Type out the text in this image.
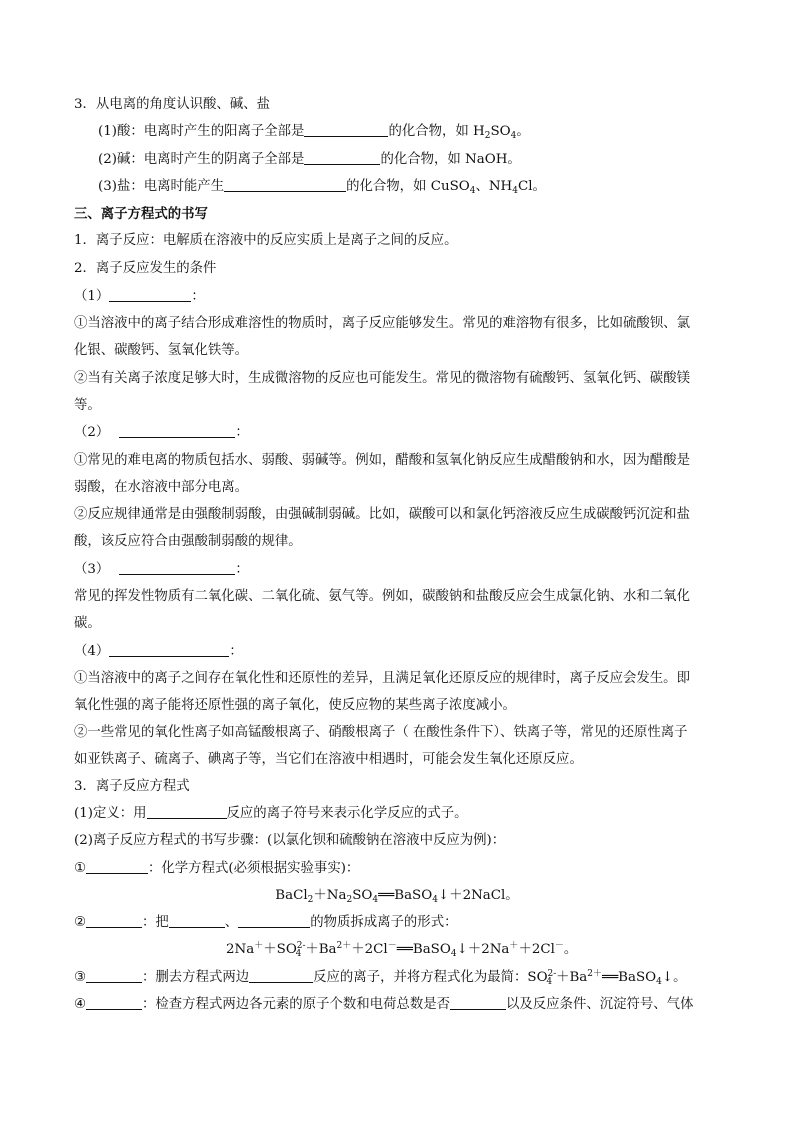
3．从电离的角度认识酸、碱、盐
(1)酸：电离时产生的阳离子全部是	的化合物，如 $H_2SO_4$。
(2)碱：电离时产生的阴离子全部是	的化合物，如 NaOH。
(3)盐：电离时能产生	的化合物，如 CuSO$_4$、$NH_4Cl$。
三、离子方程式的书写
1．离子反应：电解质在溶液中的反应实质上是离子之间的反应。
2．离子反应发生的条件
（1）	：
①当溶液中的离子结合形成难溶性的物质时，离子反应能够发生。常见的难溶物有很多，比如硫酸钡、氯
化银、碳酸钙、氢氧化铁等。
②当有关离子浓度足够大时，生成微溶物的反应也可能发生。常见的微溶物有硫酸钙、氢氧化钙、碳酸镁
等。
（2）	：
①常见的难电离的物质包括水、弱酸、弱碱等。例如，醋酸和氢氧化钠反应生成醋酸钠和水，因为醋酸是
弱酸，在水溶液中部分电离。
②反应规律通常是由强酸制弱酸，由强碱制弱碱。比如，碳酸可以和氯化钙溶液反应生成碳酸钙沉淀和盐
酸，该反应符合由强酸制弱酸的规律。
（3）	：
常见的挥发性物质有二氧化碳、二氧化硫、氨气等。例如，碳酸钠和盐酸反应会生成氯化钠、水和二氧化
碳。
（4）	：
①当溶液中的离子之间存在氧化性和还原性的差异，且满足氧化还原反应的规律时，离子反应会发生。即
氧化性强的离子能将还原性强的离子氧化，使反应物的某些离子浓度减小。
②一些常见的氧化性离子如高锰酸根离子、硝酸根离子（ 在酸性条件下）、铁离子等，常见的还原性离子
如亚铁离子、硫离子、碘离子等，当它们在溶液中相遇时，可能会发生氧化还原反应。
3．离子反应方程式
(1)定义：用	反应的离子符号来表示化学反应的式子。
(2)离子反应方程式的书写步骤：(以氯化钡和硫酸钠在溶液中反应为例)：
①	：化学方程式(必须根据实验事实)：
$BaCl_2+Na_2SO_4══BaSO_4↓+2NaCl$。
②	：把	、	的物质拆成离子的形式：
$2Na^++SO^{2-}_4$ $+Ba^{2+}+2Cl^-══BaSO_4↓+2Na^++2Cl^-$。
③	：删去方程式两边	反应的离子，并将方程式化为最简：$SO^{2-}_4$ $+Ba^{2+}══BaSO_4↓$。
④	：检查方程式两边各元素的原子个数和电荷总数是否	以及反应条件、沉淀符号、气体
